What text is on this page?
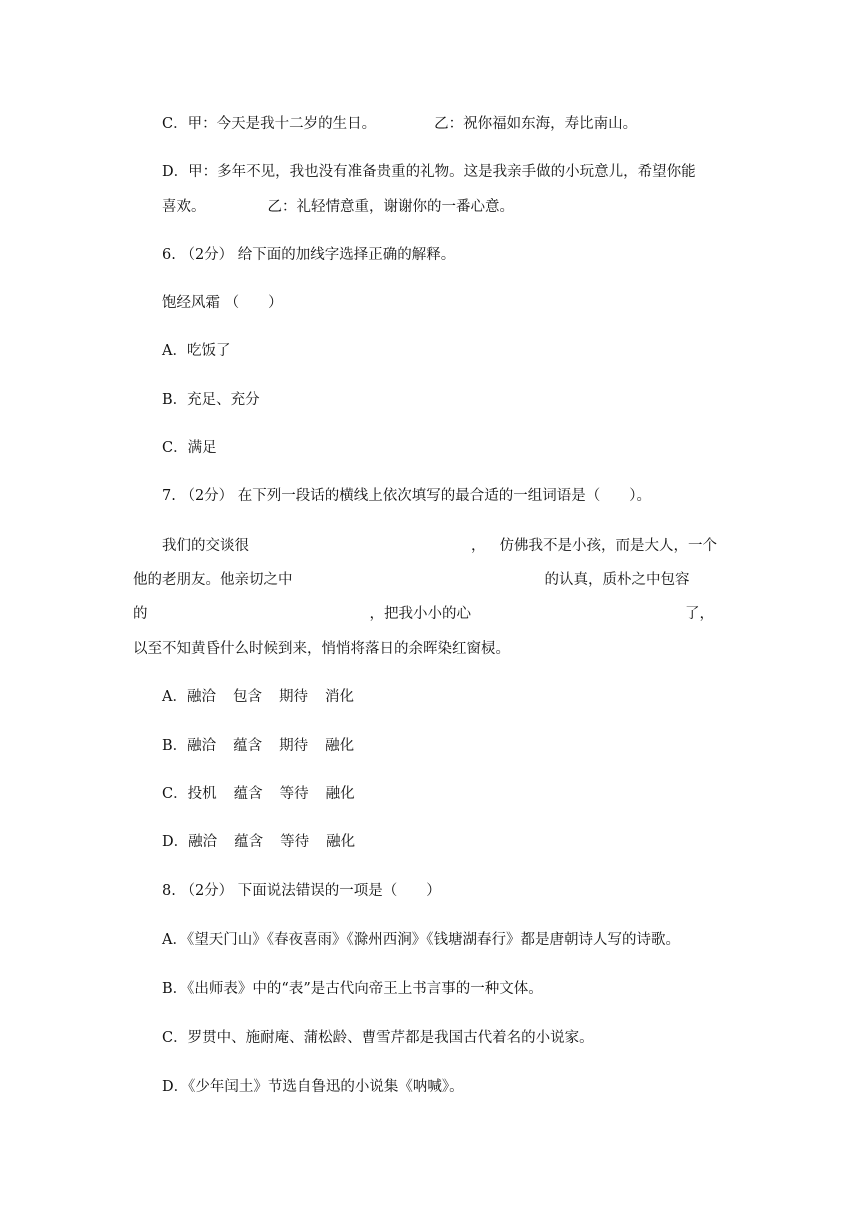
C．甲：今天是我十二岁的生日。	乙：祝你福如东海，寿比南山。
D．甲：多年不见，我也没有准备贵重的礼物。这是我亲手做的小玩意儿，希望你能
喜欢。	乙：礼轻情意重，谢谢你的一番心意。
6. （2分） 给下面的加线字选择正确的解释。
饱经风霜 （　　）
A．吃饭了
B．充足、充分
C．满足
7. （2分） 在下列一段话的横线上依次填写的最合适的一组词语是（　　）。
我们的交谈很	， 仿佛我不是小孩，而是大人，一个
他的老朋友。他亲切之中	的认真，质朴之中包容
的	，把我小小的心	了，
以至不知黄昏什么时候到来，悄悄将落日的余晖染红窗棂。
A．融洽 包含 期待 消化
B．融洽 蕴含 期待 融化
C．投机 蕴含 等待 融化
D．融洽 蕴含 等待 融化
8. （2分） 下面说法错误的一项是（　　）
A．《望天门山》《春夜喜雨》《滁州西涧》《钱塘湖春行》都是唐朝诗人写的诗歌。
B．《出师表》中的“表”是古代向帝王上书言事的一种文体。
C．罗贯中、施耐庵、蒲松龄、曹雪芹都是我国古代着名的小说家。
D．《少年闰土》节选自鲁迅的小说集《呐喊》。
